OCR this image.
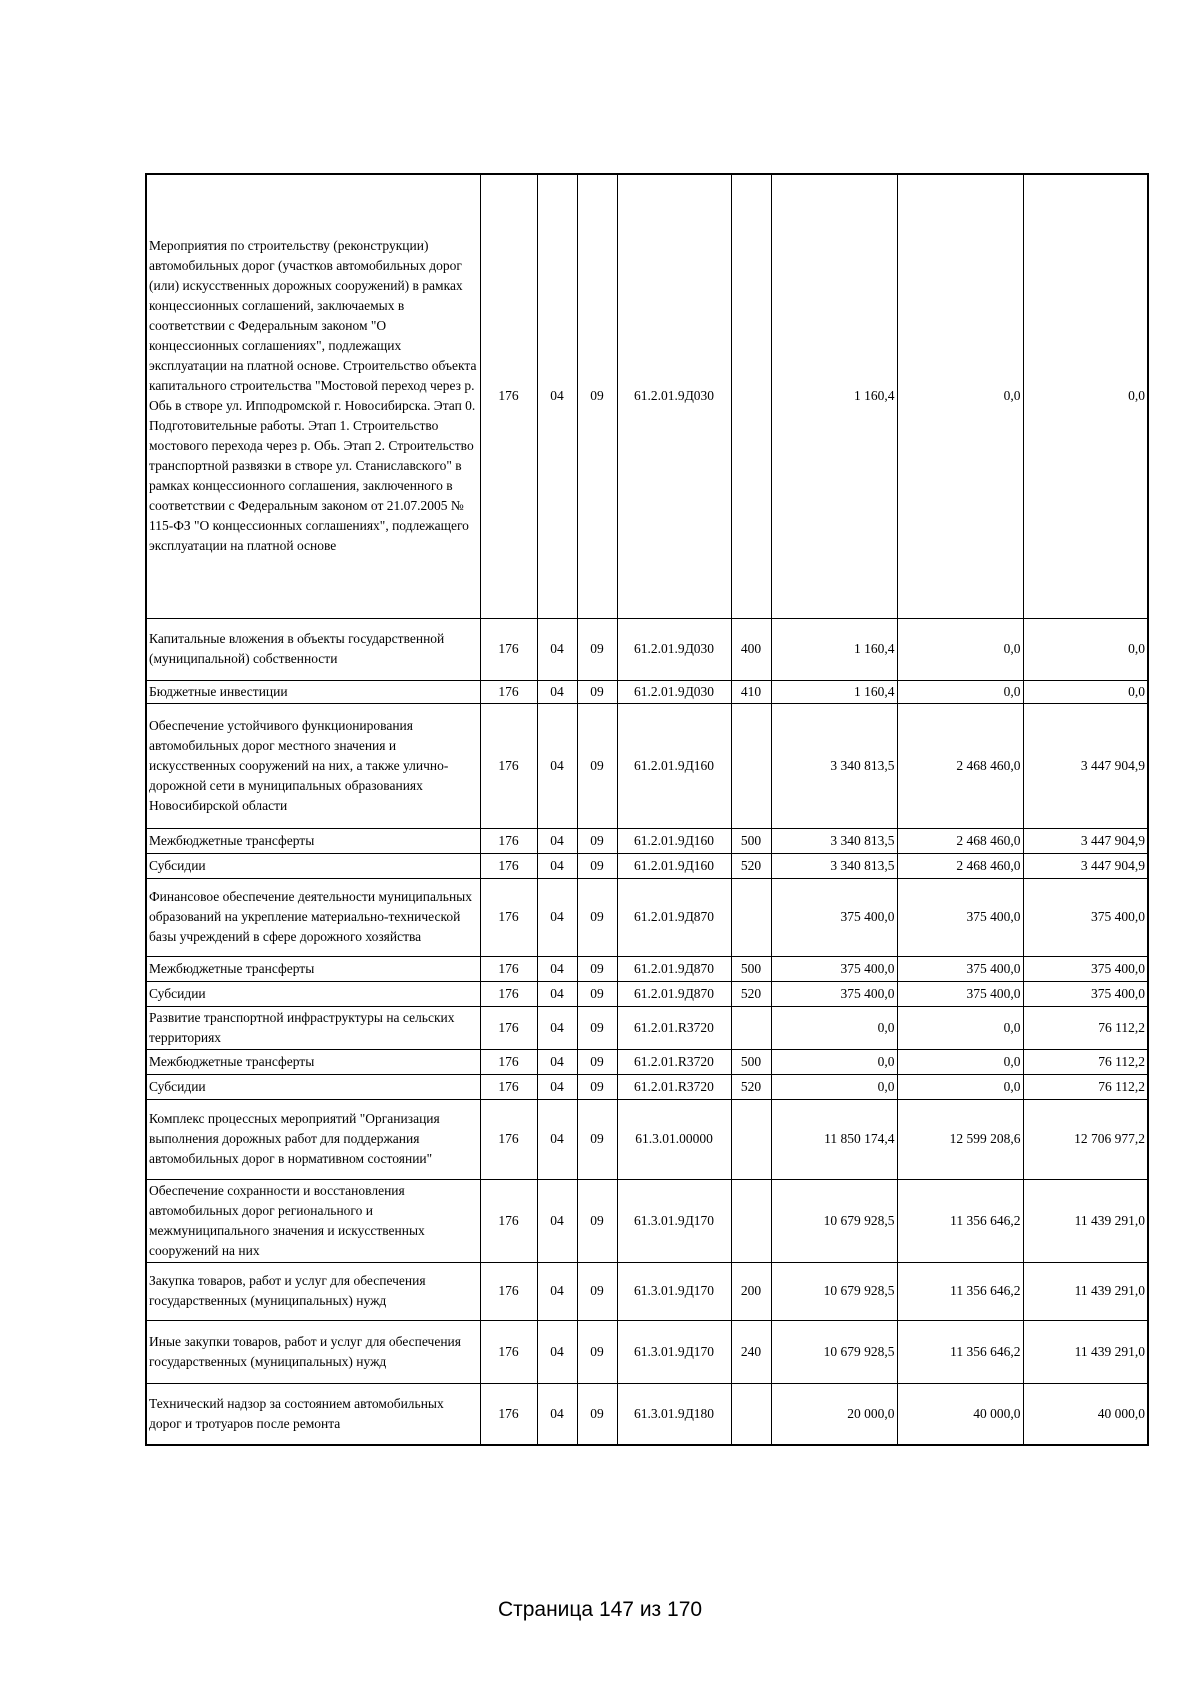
Мероприятия по строительству (реконструкции) автомобильных дорог (участков автомобильных дорог (или) искусственных дорожных сооружений) в рамках концессионных соглашений, заключаемых в соответствии с Федеральным законом "О концессионных соглашениях", подлежащих эксплуатации на платной основе. Строительство объекта капитального строительства "Мостовой переход через р. Обь в створе ул. Ипподромской г. Новосибирска. Этап 0. Подготовительные работы. Этап 1. Строительство мостового перехода через р. Обь. Этап 2. Строительство транспортной развязки в створе ул. Станиславского" в рамках концессионного соглашения, заключенного в соответствии с Федеральным законом от 21.07.2005 № 115-ФЗ "О концессионных соглашениях", подлежащего эксплуатации на платной основе	176	04	09	61.2.01.9Д030		1 160,4	0,0	0,0
Капитальные вложения в объекты государственной (муниципальной) собственности	176	04	09	61.2.01.9Д030	400	1 160,4	0,0	0,0
Бюджетные инвестиции	176	04	09	61.2.01.9Д030	410	1 160,4	0,0	0,0
Обеспечение устойчивого функционирования автомобильных дорог местного значения и искусственных сооружений на них, а также улично-дорожной сети в муниципальных образованиях Новосибирской области	176	04	09	61.2.01.9Д160		3 340 813,5	2 468 460,0	3 447 904,9
Межбюджетные трансферты	176	04	09	61.2.01.9Д160	500	3 340 813,5	2 468 460,0	3 447 904,9
Субсидии	176	04	09	61.2.01.9Д160	520	3 340 813,5	2 468 460,0	3 447 904,9
Финансовое обеспечение деятельности муниципальных образований на укрепление материально-технической базы учреждений в сфере дорожного хозяйства	176	04	09	61.2.01.9Д870		375 400,0	375 400,0	375 400,0
Межбюджетные трансферты	176	04	09	61.2.01.9Д870	500	375 400,0	375 400,0	375 400,0
Субсидии	176	04	09	61.2.01.9Д870	520	375 400,0	375 400,0	375 400,0
Развитие транспортной инфраструктуры на сельских территориях	176	04	09	61.2.01.R3720		0,0	0,0	76 112,2
Межбюджетные трансферты	176	04	09	61.2.01.R3720	500	0,0	0,0	76 112,2
Субсидии	176	04	09	61.2.01.R3720	520	0,0	0,0	76 112,2
Комплекс процессных мероприятий "Организация выполнения дорожных работ для поддержания автомобильных дорог в нормативном состоянии"	176	04	09	61.3.01.00000		11 850 174,4	12 599 208,6	12 706 977,2
Обеспечение сохранности и восстановления автомобильных дорог регионального и межмуниципального значения и искусственных сооружений на них	176	04	09	61.3.01.9Д170		10 679 928,5	11 356 646,2	11 439 291,0
Закупка товаров, работ и услуг для обеспечения государственных (муниципальных) нужд	176	04	09	61.3.01.9Д170	200	10 679 928,5	11 356 646,2	11 439 291,0
Иные закупки товаров, работ и услуг для обеспечения государственных (муниципальных) нужд	176	04	09	61.3.01.9Д170	240	10 679 928,5	11 356 646,2	11 439 291,0
Технический надзор за состоянием автомобильных дорог и тротуаров после ремонта	176	04	09	61.3.01.9Д180		20 000,0	40 000,0	40 000,0
Страница 147 из 170
